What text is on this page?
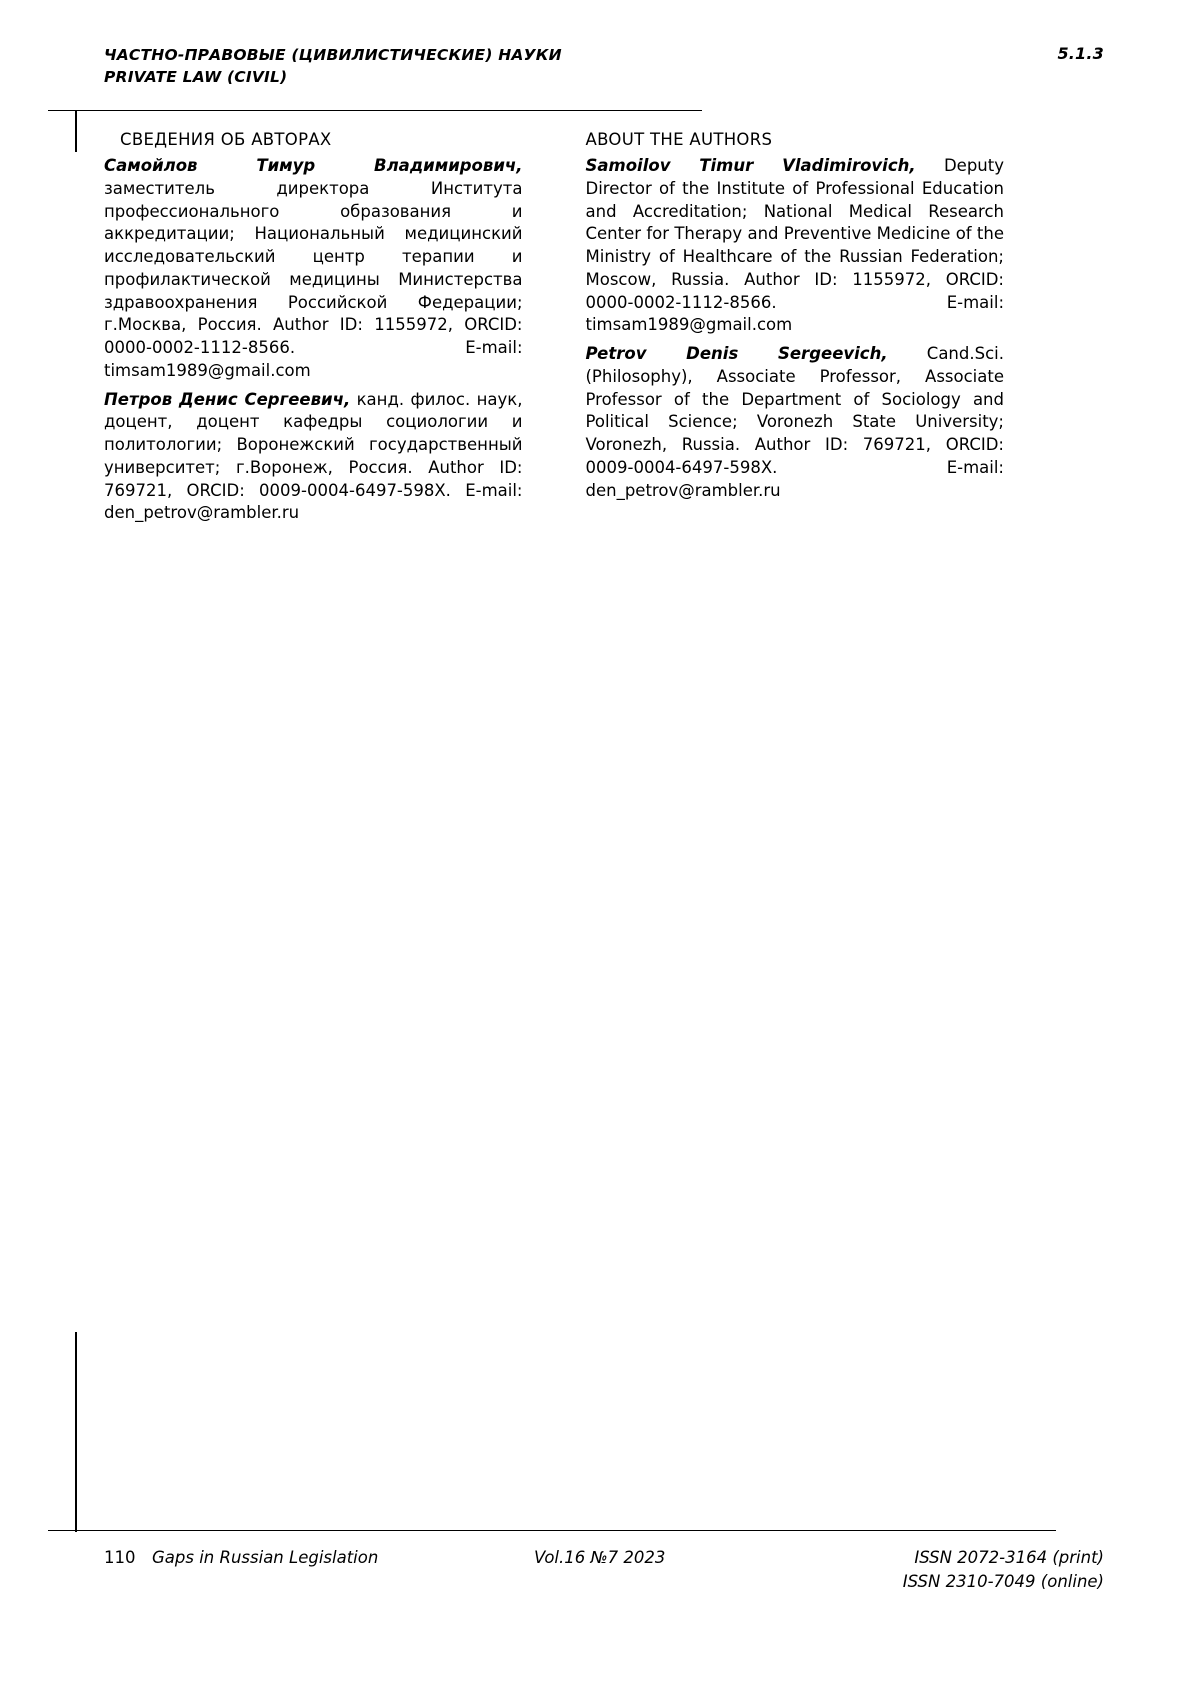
ЧАСТНО-ПРАВОВЫЕ (ЦИВИЛИСТИЧЕСКИЕ) НАУКИ
PRIVATE LAW (CIVIL)
5.1.3
СВЕДЕНИЯ ОБ АВТОРАХ

Самойлов Тимур Владимирович, заместитель директора Института профессионального образования и аккредитации; Национальный медицинский исследовательский центр терапии и профилактической медицины Министерства здравоохранения Российской Федерации; г.Москва, Россия. Author ID: 1155972, ORCID: 0000-0002-1112-8566. E-mail: timsam1989@gmail.com

Петров Денис Сергеевич, канд. филос. наук, доцент, доцент кафедры социологии и политологии; Воронежский государственный университет; г.Воронеж, Россия. Author ID: 769721, ORCID: 0009-0004-6497-598X. E-mail: den_petrov@rambler.ru

ABOUT THE AUTHORS

Samoilov Timur Vladimirovich, Deputy Director of the Institute of Professional Education and Accreditation; National Medical Research Center for Therapy and Preventive Medicine of the Ministry of Healthcare of the Russian Federation; Moscow, Russia. Author ID: 1155972, ORCID: 0000-0002-1112-8566. E-mail: timsam1989@gmail.com

Petrov Denis Sergeevich, Cand.Sci.(Philosophy), Associate Professor, Associate Professor of the Department of Sociology and Political Science; Voronezh State University; Voronezh, Russia. Author ID: 769721, ORCID: 0009-0004-6497-598X. E-mail: den_petrov@rambler.ru

110 Gaps in Russian Legislation	Vol.16 №7 2023	ISSN 2072-3164 (print)
ISSN 2310-7049 (online)
